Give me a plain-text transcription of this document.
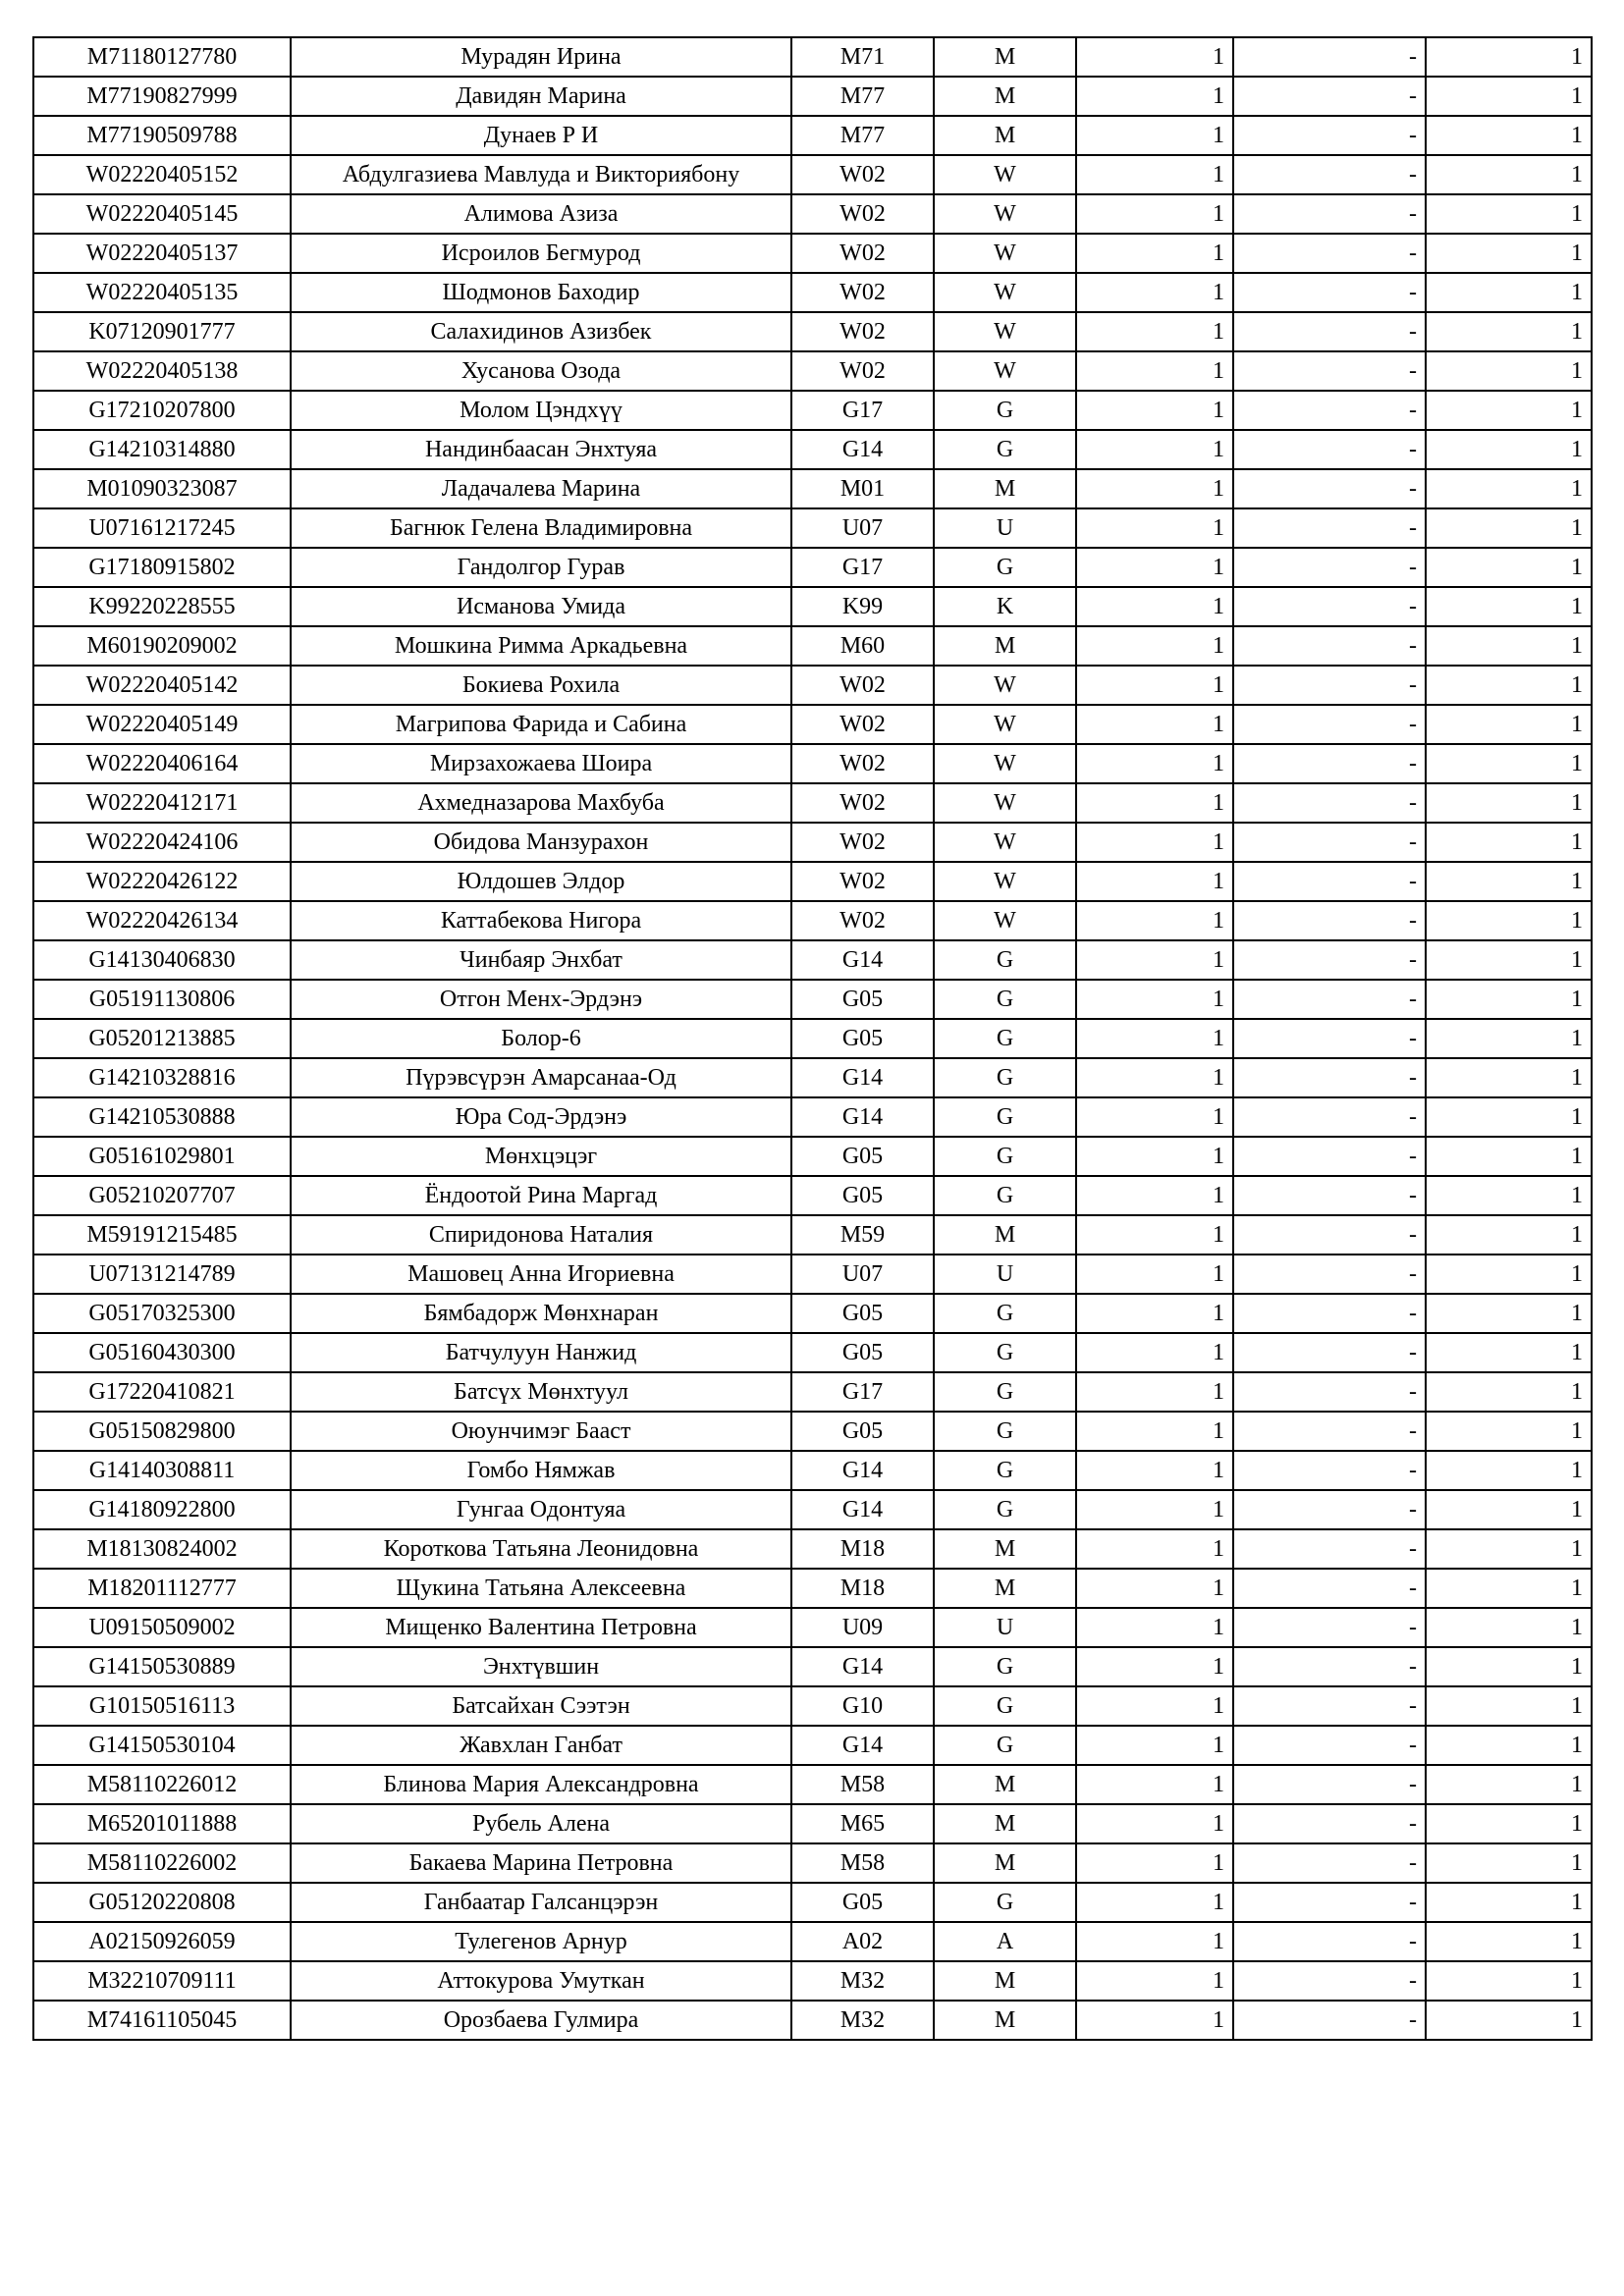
M71180127780	Мурадян Ирина	M71	M	1	-	1
M77190827999	Давидян Марина	M77	M	1	-	1
M77190509788	Дунаев Р И	M77	M	1	-	1
W02220405152	Абдулгазиева Мавлуда и Викториябону	W02	W	1	-	1
W02220405145	Алимова Азиза	W02	W	1	-	1
W02220405137	Исроилов Бегмурод	W02	W	1	-	1
W02220405135	Шодмонов Баходир	W02	W	1	-	1
K07120901777	Салахидинов Азизбек	W02	W	1	-	1
W02220405138	Хусанова Озода	W02	W	1	-	1
G17210207800	Молом Цэндхүү	G17	G	1	-	1
G14210314880	Нандинбаасан Энхтуяа	G14	G	1	-	1
M01090323087	Ладачалева Марина	M01	M	1	-	1
U07161217245	Багнюк Гелена Владимировна	U07	U	1	-	1
G17180915802	Гандолгор Гурав	G17	G	1	-	1
K99220228555	Исманова Умида	K99	K	1	-	1
M60190209002	Мошкина Римма Аркадьевна	M60	M	1	-	1
W02220405142	Бокиева Рохила	W02	W	1	-	1
W02220405149	Магрипова Фарида и Сабина	W02	W	1	-	1
W02220406164	Мирзахожаева Шоира	W02	W	1	-	1
W02220412171	Ахмедназарова Махбуба	W02	W	1	-	1
W02220424106	Обидова Манзурахон	W02	W	1	-	1
W02220426122	Юлдошев Элдор	W02	W	1	-	1
W02220426134	Каттабекова Нигора	W02	W	1	-	1
G14130406830	Чинбаяр Энхбат	G14	G	1	-	1
G05191130806	Отгон Менх-Эрдэнэ	G05	G	1	-	1
G05201213885	Болор-6	G05	G	1	-	1
G14210328816	Пүрэвсүрэн Амарсанаа-Од	G14	G	1	-	1
G14210530888	Юра Сод-Эрдэнэ	G14	G	1	-	1
G05161029801	Мөнхцэцэг	G05	G	1	-	1
G05210207707	Ёндоотой Рина Маргад	G05	G	1	-	1
M59191215485	Спиридонова Наталия	M59	M	1	-	1
U07131214789	Машовец Анна Игориевна	U07	U	1	-	1
G05170325300	Бямбадорж Мөнхнаран	G05	G	1	-	1
G05160430300	Батчулуун Нанжид	G05	G	1	-	1
G17220410821	Батсүх Мөнхтуул	G17	G	1	-	1
G05150829800	Оюунчимэг Бааст	G05	G	1	-	1
G14140308811	Гомбо Нямжав	G14	G	1	-	1
G14180922800	Гунгаа Одонтуяа	G14	G	1	-	1
M18130824002	Короткова Татьяна Леонидовна	M18	M	1	-	1
M18201112777	Щукина Татьяна Алексеевна	M18	M	1	-	1
U09150509002	Мищенко Валентина Петровна	U09	U	1	-	1
G14150530889	Энхтүвшин	G14	G	1	-	1
G10150516113	Батсайхан Сээтэн	G10	G	1	-	1
G14150530104	Жавхлан Ганбат	G14	G	1	-	1
M58110226012	Блинова Мария Александровна	M58	M	1	-	1
M65201011888	Рубель Алена	M65	M	1	-	1
M58110226002	Бакаева Марина Петровна	M58	M	1	-	1
G05120220808	Ганбаатар Галсанцэрэн	G05	G	1	-	1
A02150926059	Тулегенов Арнур	A02	A	1	-	1
M32210709111	Аттокурова Умуткан	M32	M	1	-	1
M74161105045	Орозбаева Гулмира	M32	M	1	-	1
